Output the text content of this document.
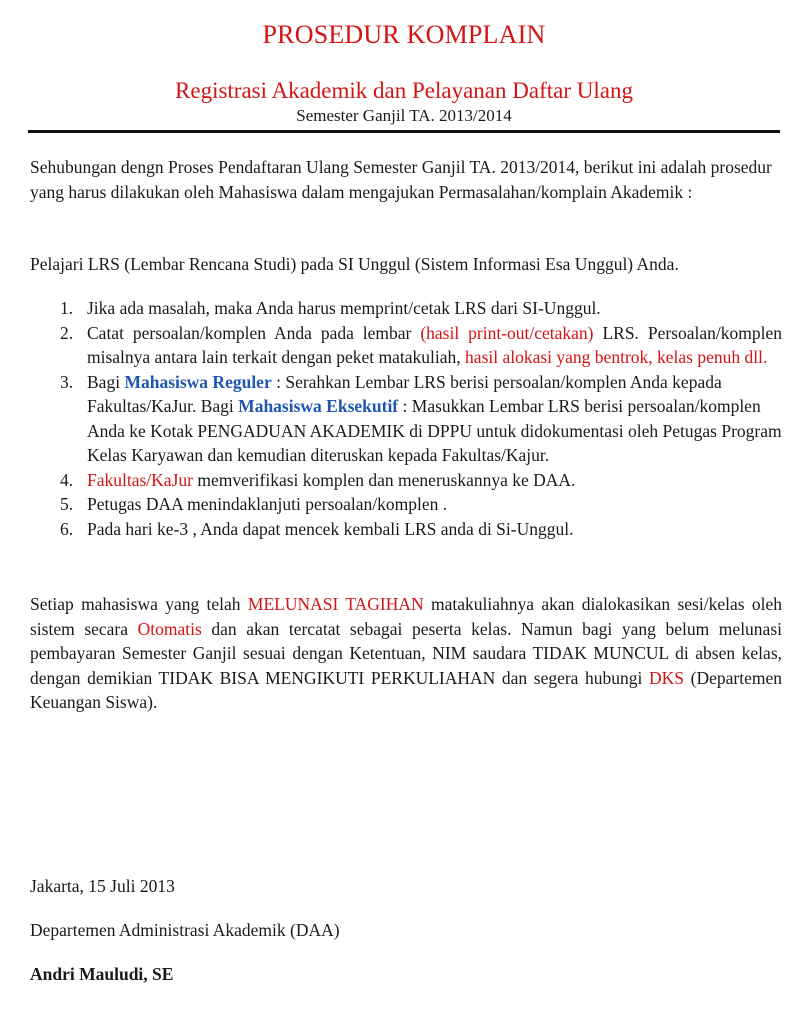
PROSEDUR KOMPLAIN
Registrasi Akademik dan Pelayanan Daftar Ulang
Semester Ganjil TA. 2013/2014
Sehubungan dengn Proses Pendaftaran Ulang Semester Ganjil TA. 2013/2014, berikut ini adalah prosedur yang harus dilakukan oleh Mahasiswa dalam mengajukan Permasalahan/komplain Akademik :
Pelajari LRS (Lembar Rencana Studi) pada SI Unggul (Sistem Informasi Esa Unggul) Anda.
1. Jika ada masalah, maka Anda harus memprint/cetak LRS dari SI-Unggul.
2. Catat persoalan/komplen Anda pada lembar (hasil print-out/cetakan) LRS. Persoalan/komplen misalnya antara lain terkait dengan peket matakuliah, hasil alokasi yang bentrok, kelas penuh dll.
3. Bagi Mahasiswa Reguler : Serahkan Lembar LRS berisi persoalan/komplen Anda kepada Fakultas/KaJur. Bagi Mahasiswa Eksekutif : Masukkan Lembar LRS berisi persoalan/komplen Anda ke Kotak PENGADUAN AKADEMIK di DPPU untuk didokumentasi oleh Petugas Program Kelas Karyawan dan kemudian diteruskan kepada Fakultas/Kajur.
4. Fakultas/KaJur memverifikasi komplen dan meneruskannya ke DAA.
5. Petugas DAA menindaklanjuti persoalan/komplen .
6. Pada hari ke-3 , Anda dapat mencek kembali LRS anda di Si-Unggul.
Setiap mahasiswa yang telah MELUNASI TAGIHAN matakuliahnya akan dialokasikan sesi/kelas oleh sistem secara Otomatis dan akan tercatat sebagai peserta kelas. Namun bagi yang belum melunasi pembayaran Semester Ganjil sesuai dengan Ketentuan, NIM saudara TIDAK MUNCUL di absen kelas, dengan demikian TIDAK BISA MENGIKUTI PERKULIAHAN dan segera hubungi DKS (Departemen Keuangan Siswa).
Jakarta, 15 Juli 2013
Departemen Administrasi Akademik (DAA)
Andri Mauludi, SE
